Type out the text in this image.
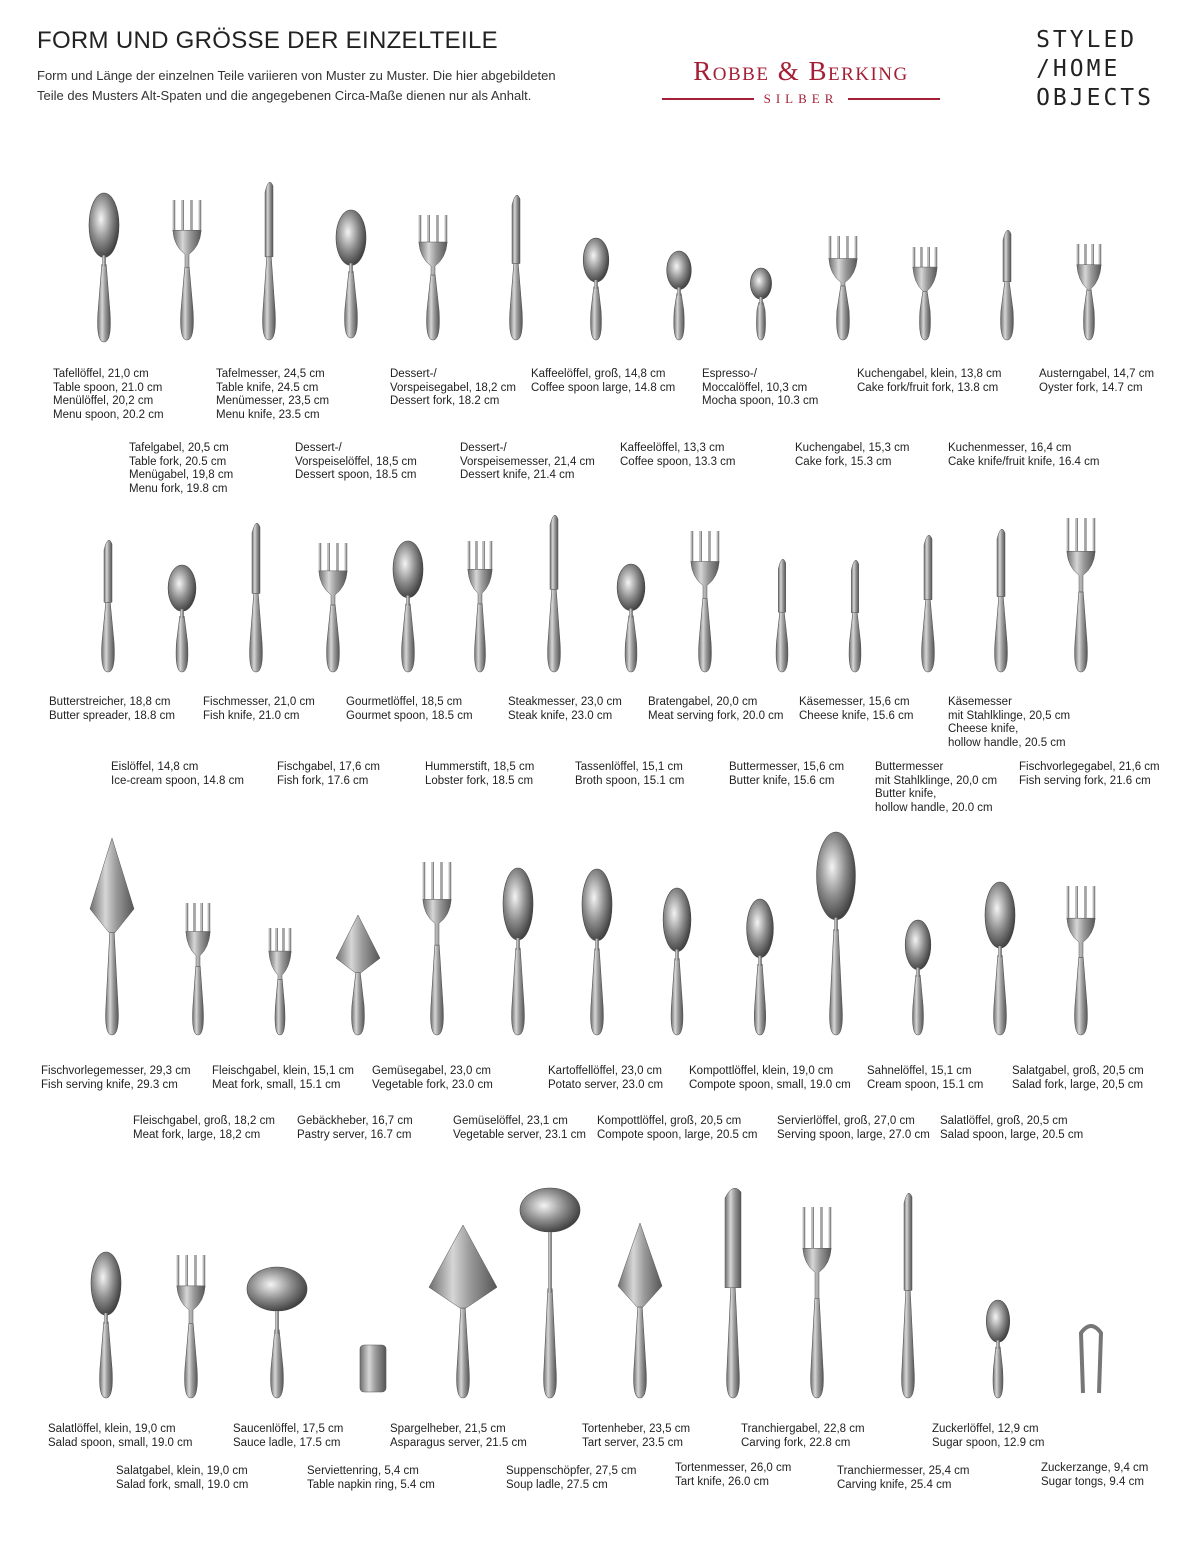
FORM UND GRÖSSE DER EINZELTEILE
Form und Länge der einzelnen Teile variieren von Muster zu Muster. Die hier abgebildeten
Teile des Musters Alt-Spaten und die angegebenen Circa-Maße dienen nur als Anhalt.
Robbe & Berking
SILBER
STYLED
/HOME
OBJECTS
Tafellöffel, 21,0 cm
Table spoon, 21.0 cm
Menülöffel, 20,2 cm
Menu spoon, 20.2 cm
Tafelmesser, 24,5 cm
Table knife, 24.5 cm
Menümesser, 23,5 cm
Menu knife, 23.5 cm
Dessert-/
Vorspeisegabel, 18,2 cm
Dessert fork, 18.2 cm
Kaffeelöffel, groß, 14,8 cm
Coffee spoon large, 14.8 cm
Espresso-/
Moccalöffel, 10,3 cm
Mocha spoon, 10.3 cm
Kuchengabel, klein, 13,8 cm
Cake fork/fruit fork, 13.8 cm
Austerngabel, 14,7 cm
Oyster fork, 14.7 cm
Tafelgabel, 20,5 cm
Table fork, 20.5 cm
Menügabel, 19,8 cm
Menu fork, 19.8 cm
Dessert-/
Vorspeiselöffel, 18,5 cm
Dessert spoon, 18.5 cm
Dessert-/
Vorspeisemesser, 21,4 cm
Dessert knife, 21.4 cm
Kaffeelöffel, 13,3 cm
Coffee spoon, 13.3 cm
Kuchengabel, 15,3 cm
Cake fork, 15.3 cm
Kuchenmesser, 16,4 cm
Cake knife/fruit knife, 16.4 cm
Butterstreicher, 18,8 cm
Butter spreader, 18.8 cm
Fischmesser, 21,0 cm
Fish knife, 21.0 cm
Gourmetlöffel, 18,5 cm
Gourmet spoon, 18.5 cm
Steakmesser, 23,0 cm
Steak knife, 23.0 cm
Bratengabel, 20,0 cm
Meat serving fork, 20.0 cm
Käsemesser, 15,6 cm
Cheese knife, 15.6 cm
Käsemesser
mit Stahlklinge, 20,5 cm
Cheese knife,
hollow handle, 20.5 cm
Eislöffel, 14,8 cm
Ice-cream spoon, 14.8 cm
Fischgabel, 17,6 cm
Fish fork, 17.6 cm
Hummerstift, 18,5 cm
Lobster fork, 18.5 cm
Tassenlöffel, 15,1 cm
Broth spoon, 15.1 cm
Buttermesser, 15,6 cm
Butter knife, 15.6 cm
Buttermesser
mit Stahlklinge, 20,0 cm
Butter knife,
hollow handle, 20.0 cm
Fischvorlegegabel, 21,6 cm
Fish serving fork, 21.6 cm
Fischvorlegemesser, 29,3 cm
Fish serving knife, 29.3 cm
Fleischgabel, klein, 15,1 cm
Meat fork, small, 15.1 cm
Gemüsegabel, 23,0 cm
Vegetable fork, 23.0 cm
Kartoffellöffel, 23,0 cm
Potato server, 23.0 cm
Kompottlöffel, klein, 19,0 cm
Compote spoon, small, 19.0 cm
Sahnelöffel, 15,1 cm
Cream spoon, 15.1 cm
Salatgabel, groß, 20,5 cm
Salad fork, large, 20,5 cm
Fleischgabel, groß, 18,2 cm
Meat fork, large, 18,2 cm
Gebäckheber, 16,7 cm
Pastry server, 16.7 cm
Gemüselöffel, 23,1 cm
Vegetable server, 23.1 cm
Kompottlöffel, groß, 20,5 cm
Compote spoon, large, 20.5 cm
Servierlöffel, groß, 27,0 cm
Serving spoon, large, 27.0 cm
Salatlöffel, groß, 20,5 cm
Salad spoon, large, 20.5 cm
Salatlöffel, klein, 19,0 cm
Salad spoon, small, 19.0 cm
Saucenlöffel, 17,5 cm
Sauce ladle, 17.5 cm
Spargelheber, 21,5 cm
Asparagus server, 21.5 cm
Tortenheber, 23,5 cm
Tart server, 23.5 cm
Tranchiergabel, 22,8 cm
Carving fork, 22.8 cm
Zuckerlöffel, 12,9 cm
Sugar spoon, 12.9 cm
Salatgabel, klein, 19,0 cm
Salad fork, small, 19.0 cm
Serviettenring, 5,4 cm
Table napkin ring, 5.4 cm
Suppenschöpfer, 27,5 cm
Soup ladle, 27.5 cm
Tortenmesser, 26,0 cm
Tart knife, 26.0 cm
Tranchiermesser, 25,4 cm
Carving knife, 25.4 cm
Zuckerzange, 9,4 cm
Sugar tongs, 9.4 cm
